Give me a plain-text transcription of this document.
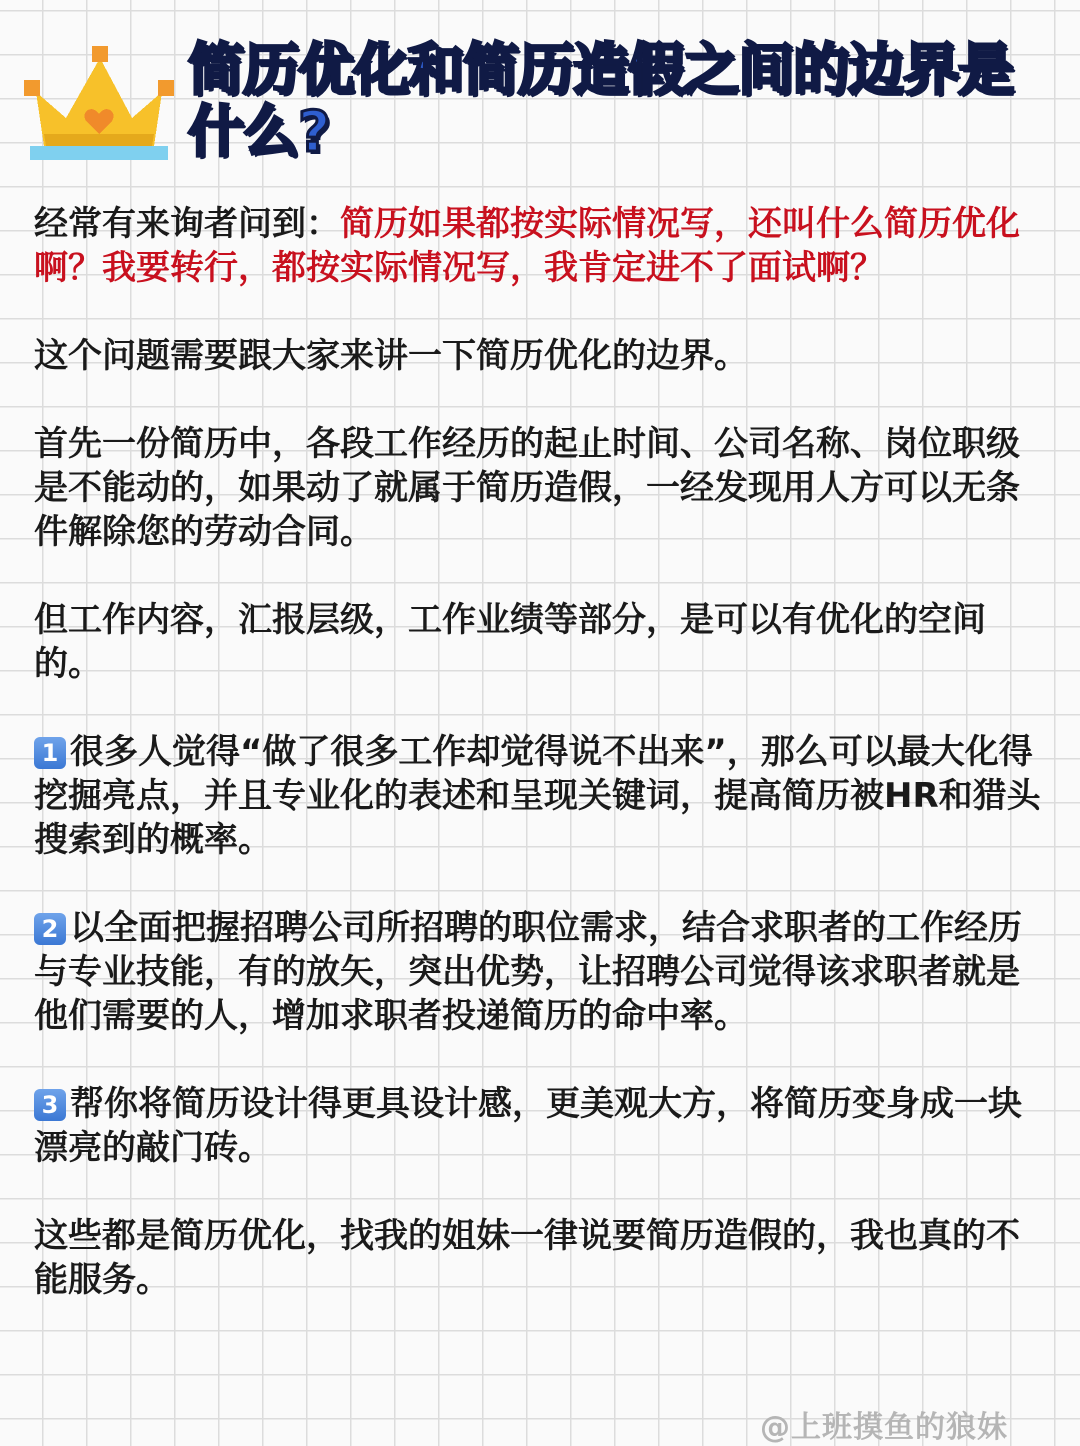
简历优化和简历造假之间的边界是什么?

经常有来询者问到：简历如果都按实际情况写，还叫什么简历优化啊？我要转行，都按实际情况写，我肯定进不了面试啊？

这个问题需要跟大家来讲一下简历优化的边界。

首先一份简历中，各段工作经历的起止时间、公司名称、岗位职级是不能动的，如果动了就属于简历造假，一经发现用人方可以无条件解除您的劳动合同。

但工作内容，汇报层级，工作业绩等部分，是可以有优化的空间的。

1 很多人觉得“做了很多工作却觉得说不出来”，那么可以最大化得挖掘亮点，并且专业化的表述和呈现关键词，提高简历被HR和猎头搜索到的概率。

2 以全面把握招聘公司所招聘的职位需求，结合求职者的工作经历与专业技能，有的放矢，突出优势，让招聘公司觉得该求职者就是他们需要的人，增加求职者投递简历的命中率。

3 帮你将简历设计得更具设计感，更美观大方，将简历变身成一块漂亮的敲门砖。

这些都是简历优化，找我的姐妹一律说要简历造假的，我也真的不能服务。

@上班摸鱼的狼妹
